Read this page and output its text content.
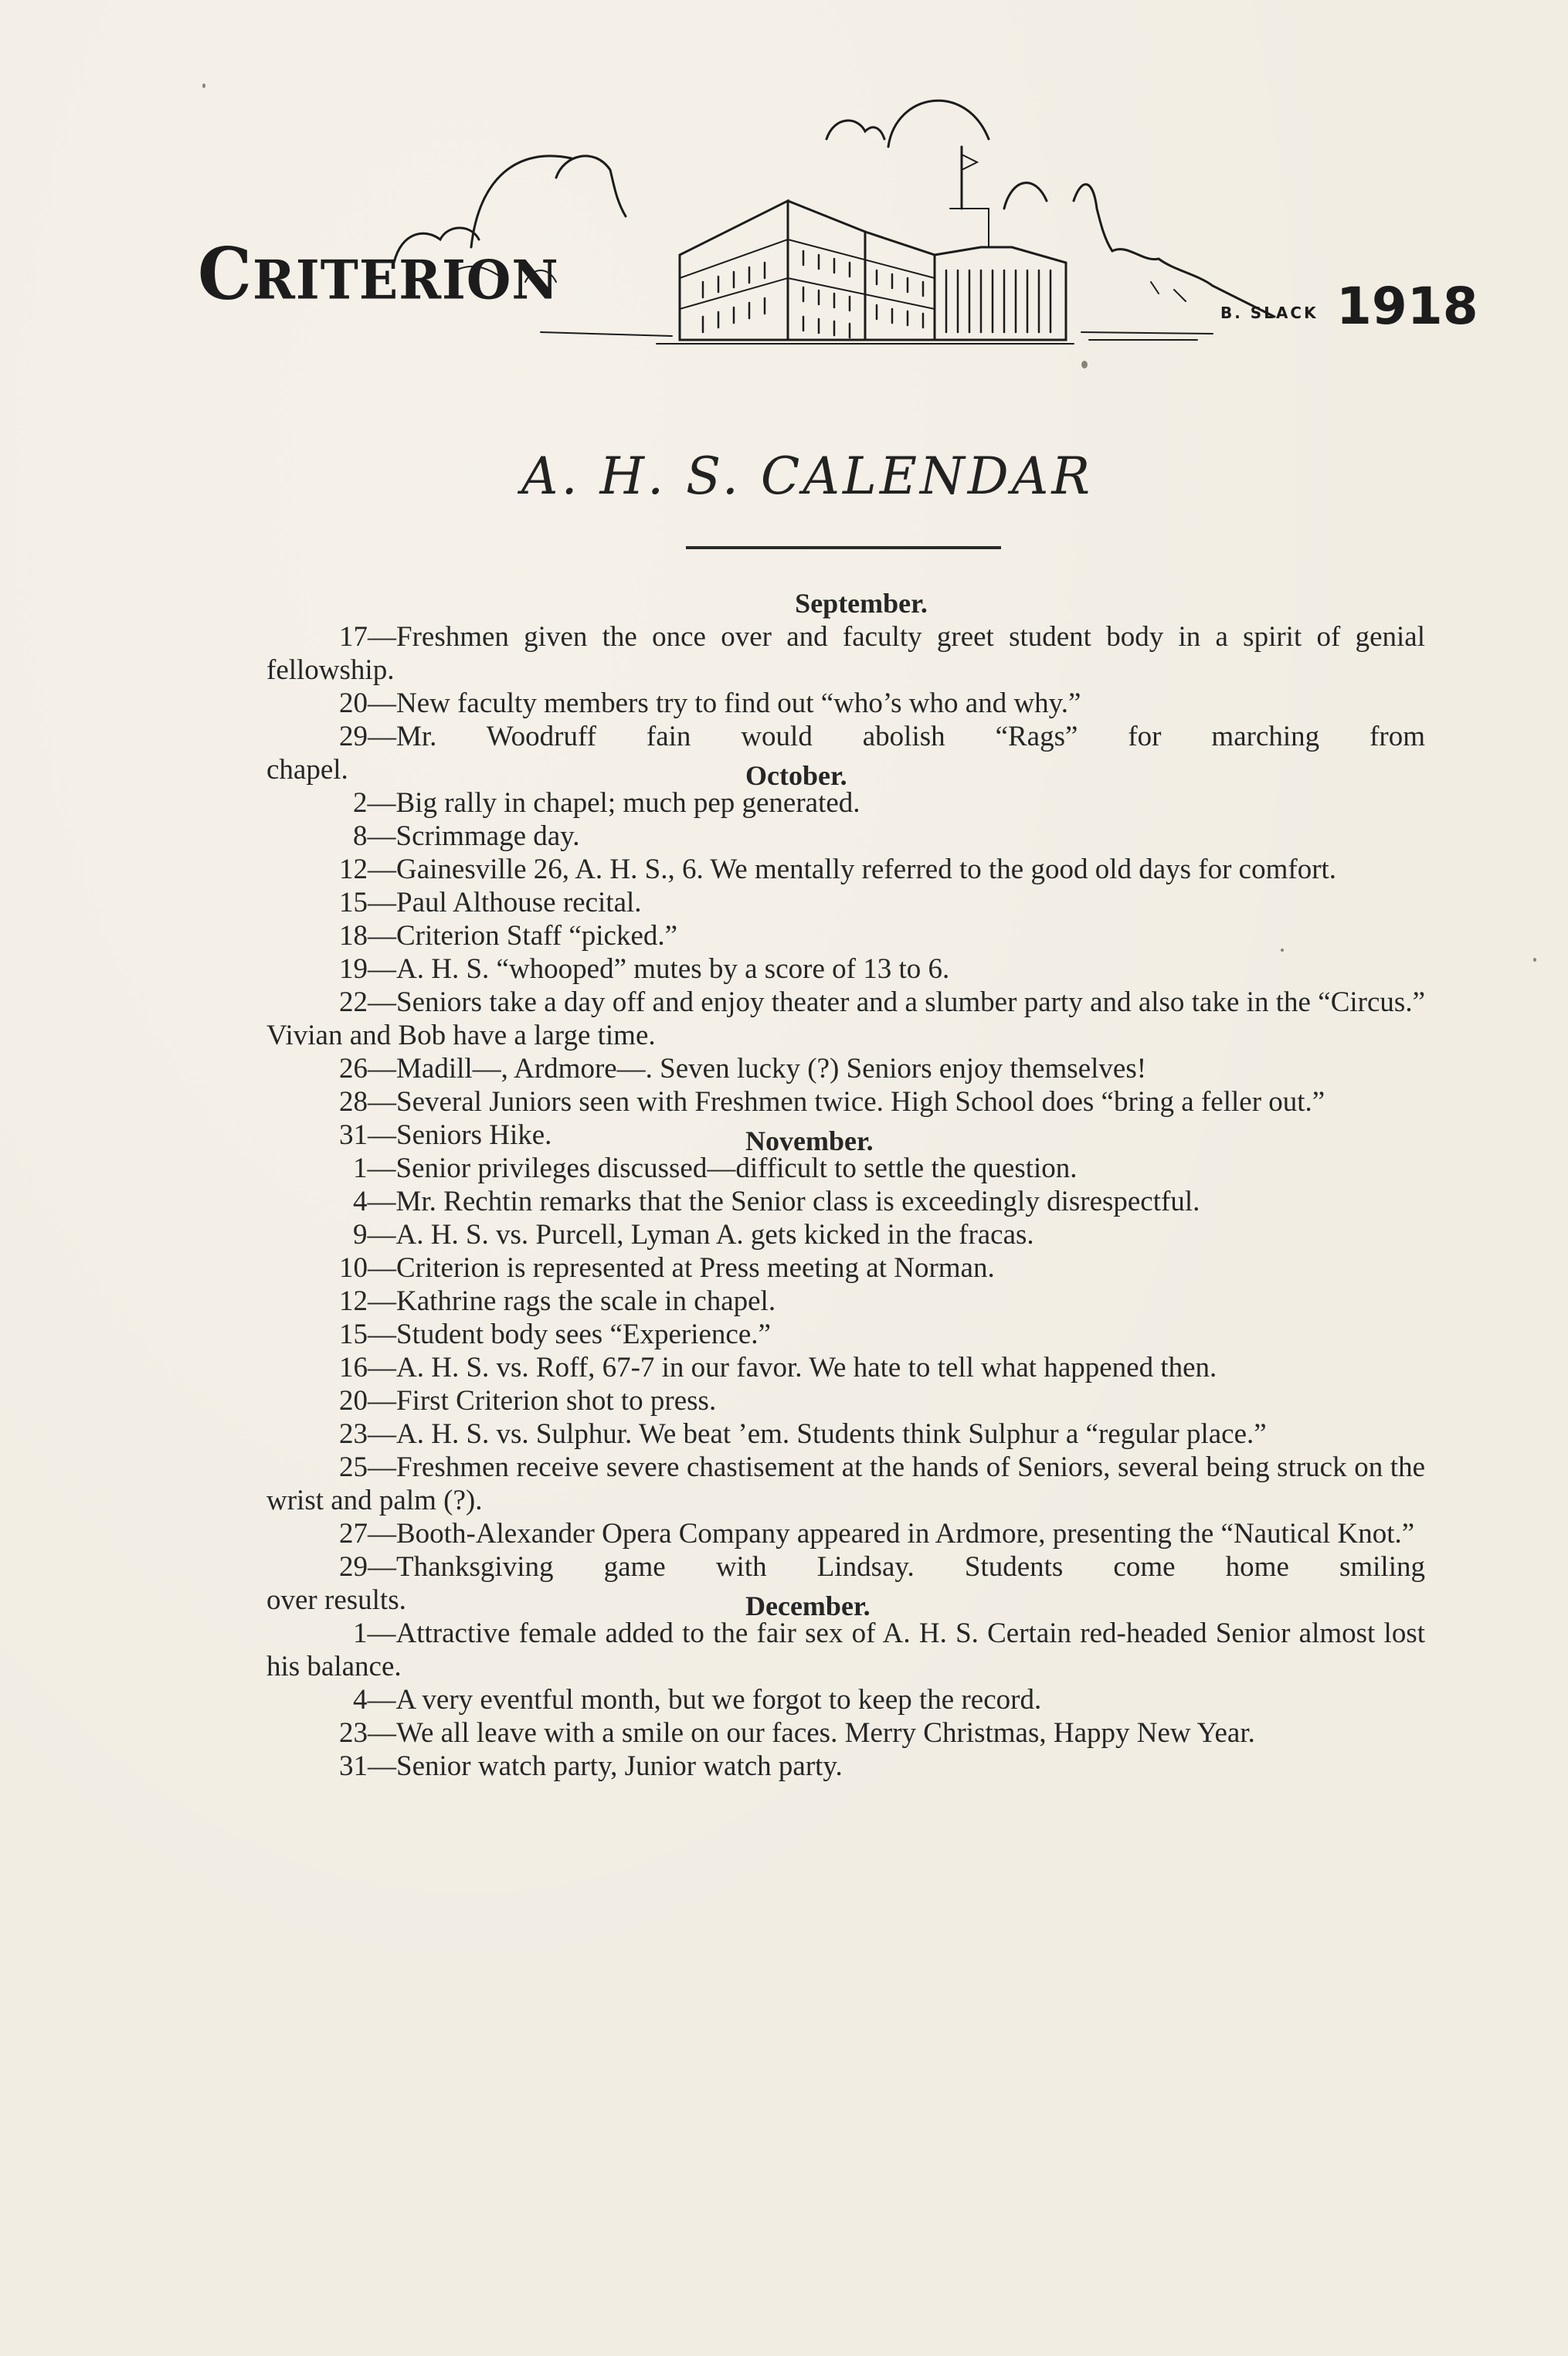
CRITERION
B. SLACK 1918
A. H. S. CALENDAR
September.
17—Freshmen given the once over and faculty greet student body in a spirit of genial fellowship.
20—New faculty members try to find out “who’s who and why.”
29—Mr. Woodruff fain would abolish “Rags” for marching from
chapel.	October.
2—Big rally in chapel; much pep generated.
8—Scrimmage day.
12—Gainesville 26, A. H. S., 6. We mentally referred to the good old days for comfort.
15—Paul Althouse recital.
18—Criterion Staff “picked.”
19—A. H. S. “whooped” mutes by a score of 13 to 6.
22—Seniors take a day off and enjoy theater and a slumber party and also take in the “Circus.” Vivian and Bob have a large time.
26—Madill—, Ardmore—. Seven lucky (?) Seniors enjoy themselves!
28—Several Juniors seen with Freshmen twice. High School does “bring a feller out.”
31—Seniors Hike.	November.
1—Senior privileges discussed—difficult to settle the question.
4—Mr. Rechtin remarks that the Senior class is exceedingly disrespectful.
9—A. H. S. vs. Purcell, Lyman A. gets kicked in the fracas.
10—Criterion is represented at Press meeting at Norman.
12—Kathrine rags the scale in chapel.
15—Student body sees “Experience.”
16—A. H. S. vs. Roff, 67-7 in our favor. We hate to tell what happened then.
20—First Criterion shot to press.
23—A. H. S. vs. Sulphur. We beat ’em. Students think Sulphur a “regular place.”
25—Freshmen receive severe chastisement at the hands of Seniors, several being struck on the wrist and palm (?).
27—Booth-Alexander Opera Company appeared in Ardmore, presenting the “Nautical Knot.”
29—Thanksgiving game with Lindsay. Students come home smiling
over results.	December.
1—Attractive female added to the fair sex of A. H. S. Certain red-headed Senior almost lost his balance.
4—A very eventful month, but we forgot to keep the record.
23—We all leave with a smile on our faces. Merry Christmas, Happy New Year.
31—Senior watch party, Junior watch party.
